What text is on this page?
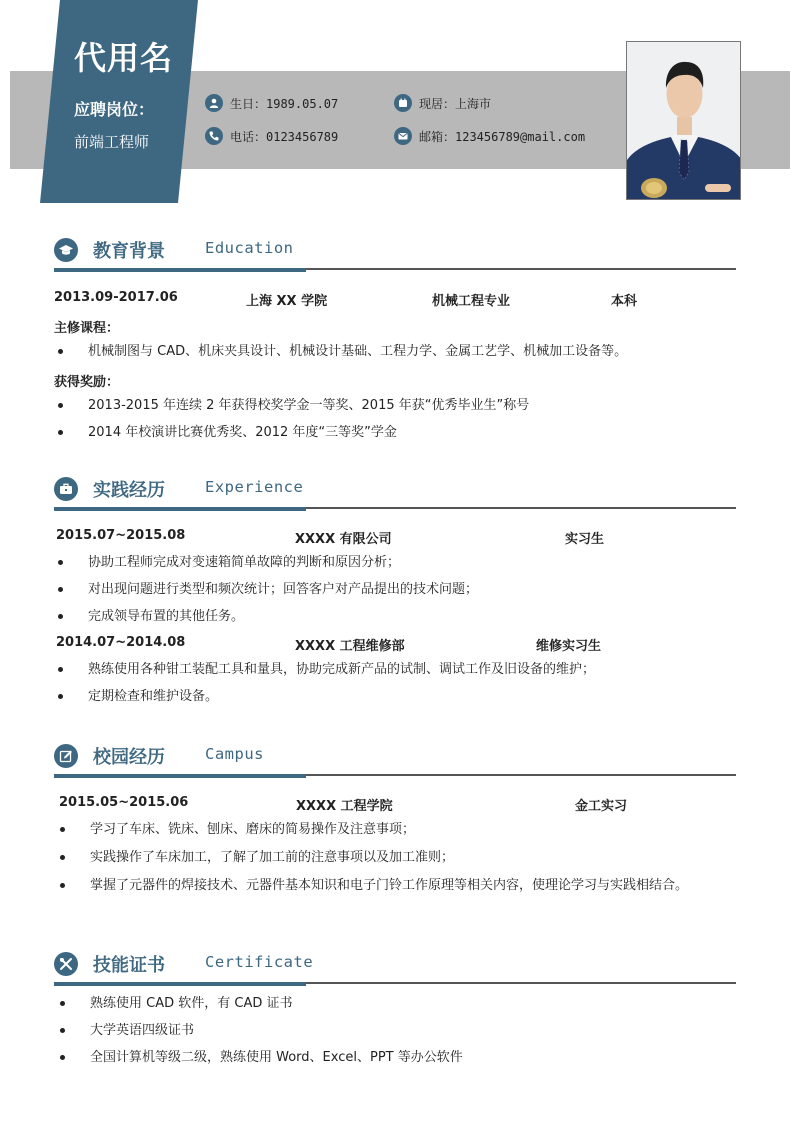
代用名
应聘岗位：
前端工程师
生日：1989.05.07	现居：上海市
电话：0123456789	邮箱：123456789@mail.com
教育背景	Education
2013.09-2017.06	上海 XX 学院	机械工程专业	本科
主修课程：
机械制图与 CAD、机床夹具设计、机械设计基础、工程力学、金属工艺学、机械加工设备等。
获得奖励：
2013-2015 年连续 2 年获得校奖学金一等奖、2015 年获“优秀毕业生”称号
2014 年校演讲比赛优秀奖、2012 年度“三等奖”学金
实践经历	Experience
2015.07~2015.08	XXXX 有限公司	实习生
协助工程师完成对变速箱简单故障的判断和原因分析；
对出现问题进行类型和频次统计；回答客户对产品提出的技术问题；
完成领导布置的其他任务。
2014.07~2014.08	XXXX 工程维修部	维修实习生
熟练使用各种钳工装配工具和量具，协助完成新产品的试制、调试工作及旧设备的维护；
定期检查和维护设备。
校园经历	Campus
2015.05~2015.06	XXXX 工程学院	金工实习
学习了车床、铣床、刨床、磨床的简易操作及注意事项；
实践操作了车床加工，了解了加工前的注意事项以及加工准则；
掌握了元器件的焊接技术、元器件基本知识和电子门铃工作原理等相关内容，使理论学习与实践相结合。
技能证书	Certificate
熟练使用 CAD 软件，有 CAD 证书
大学英语四级证书
全国计算机等级二级，熟练使用 Word、Excel、PPT 等办公软件
